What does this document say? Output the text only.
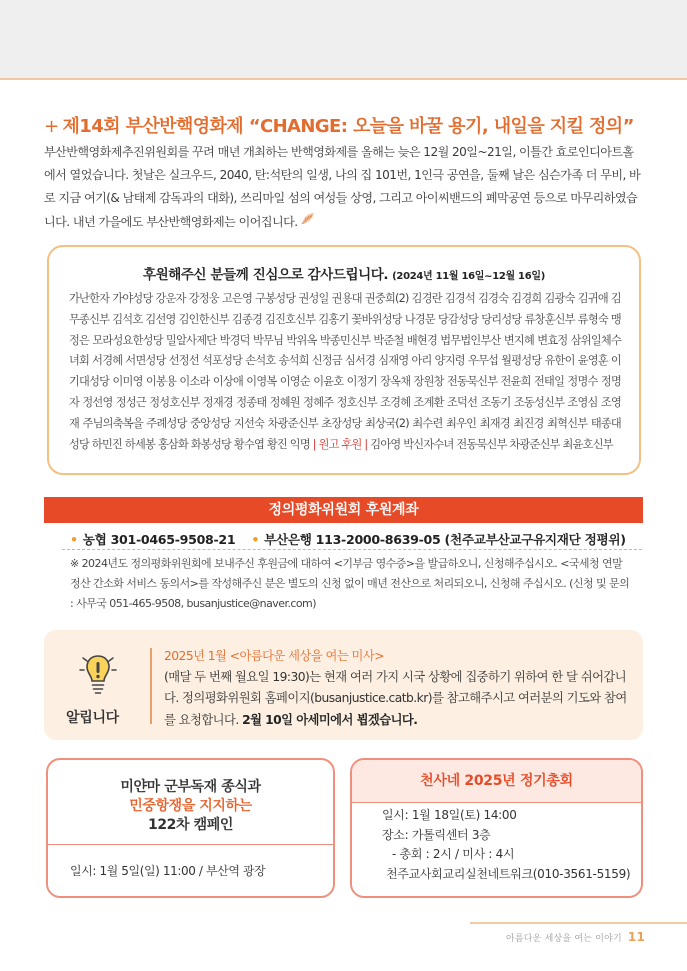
+ 제14회 부산반핵영화제 “CHANGE: 오늘을 바꿀 용기, 내일을 지킬 정의”
부산반핵영화제추진위원회를 꾸려 매년 개최하는 반핵영화제를 올해는 늦은 12월 20일~21일, 이틀간 효로인디아트홀에서 열었습니다. 첫날은 실크우드, 2040, 탄:석탄의 일생, 나의 집 101번, 1인극 공연을, 둘째 날은 심슨가족 더 무비, 바로 지금 여기(& 남태제 감독과의 대화), 쓰리마일 섬의 여성들 상영, 그리고 아이씨밴드의 폐막공연 등으로 마무리하였습니다. 내년 가을에도 부산반핵영화제는 이어집니다.
후원해주신 분들께 진심으로 감사드립니다. (2024년 11월 16일~12월 16일)
가난한자 가야성당 강운자 강정웅 고은영 구봉성당 권성일 권용대 권중희(2) 김경란 김경석 김경숙 김경희 김광숙 김귀애 김무종신부 김석호 김선영 김인한신부 김종경 김진호신부 김홍기 꽃바위성당 나경문 당감성당 당리성당 류창훈신부 류형숙 맹정은 모라성요한성당 밀알사제단 박경덕 박무님 박위옥 박종민신부 박준철 배현경 법무법인부산 변지혜 변효정 삼위일체수녀회 서경혜 서면성당 선정선 석포성당 손석호 송석희 신정금 심서경 심재영 아리 양지령 우무섭 월평성당 유한이 윤영훈 이기대성당 이미영 이봉용 이소라 이상애 이영복 이영순 이윤호 이정기 장옥채 장원창 전동묵신부 전윤희 전태일 정명수 정명자 정선영 정성근 정성호신부 정재경 정종태 정혜원 정혜주 정호신부 조경혜 조계환 조덕선 조동기 조동성신부 조영심 조영재 주님의축복을 주례성당 중앙성당 지선숙 차광준신부 초장성당 최상국(2) 최수련 최우인 최재경 최진경 최혁신부 태종대성당 하민진 하세봉 홍삼화 화봉성당 황수엽 황진 익명 | 원고 후원 | 김아영 박신자수녀 전동묵신부 차광준신부 최윤호신부
정의평화위원회 후원계좌
• 농협 301-0465-9508-21 • 부산은행 113-2000-8639-05 (천주교부산교구유지재단 정평위)
※ 2024년도 정의평화위원회에 보내주신 후원금에 대하여 <기부금 영수증>을 발급하오니, 신청해주십시오. <국세청 연말정산 간소화 서비스 동의서>를 작성해주신 분은 별도의 신청 없이 매년 전산으로 처리되오니, 신청해 주십시오. (신청 및 문의 : 사무국 051-465-9508, busanjustice@naver.com)
알립니다
2025년 1월 <아름다운 세상을 여는 미사>
(매달 두 번째 월요일 19:30)는 현재 여러 가지 시국 상황에 집중하기 위하여 한 달 쉬어갑니다. 정의평화위원회 홈페이지(busanjustice.catb.kr)를 참고해주시고 여러분의 기도와 참여를 요청합니다. 2월 10일 아세미에서 뵙겠습니다.
미얀마 군부독재 종식과
민중항쟁을 지지하는
122차 캠페인
일시: 1월 5일(일) 11:00 / 부산역 광장
천사네 2025년 정기총회
일시: 1월 18일(토) 14:00
장소: 가톨릭센터 3층
- 총회 : 2시 / 미사 : 4시
천주교사회교리실천네트워크(010-3561-5159)
아름다운 세상을 여는 이야기 11
